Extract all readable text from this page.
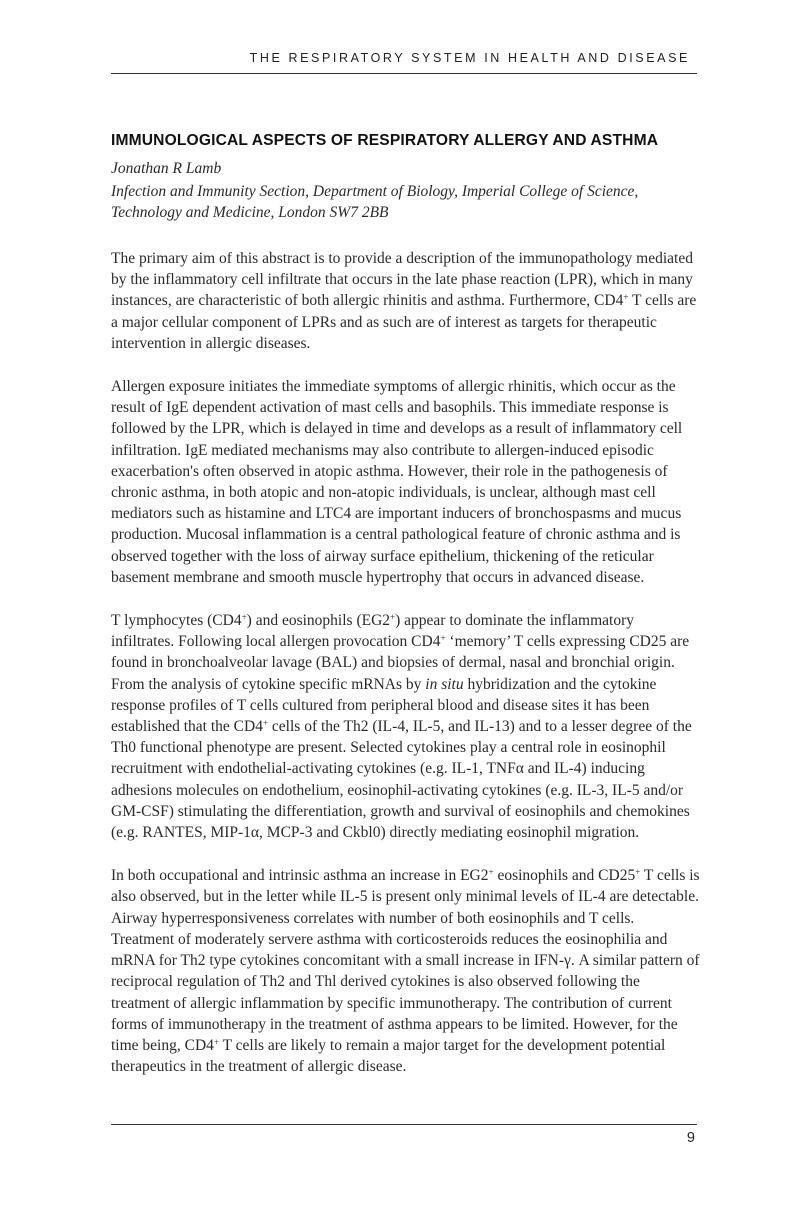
THE RESPIRATORY SYSTEM IN HEALTH AND DISEASE
IMMUNOLOGICAL ASPECTS OF RESPIRATORY ALLERGY AND ASTHMA

Jonathan R Lamb

Infection and Immunity Section, Department of Biology, Imperial College of Science, Technology and Medicine, London SW7 2BB

The primary aim of this abstract is to provide a description of the immunopathology mediated by the inflammatory cell infiltrate that occurs in the late phase reaction (LPR), which in many instances, are characteristic of both allergic rhinitis and asthma. Furthermore, CD4+ T cells are a major cellular component of LPRs and as such are of interest as targets for therapeutic intervention in allergic diseases.

Allergen exposure initiates the immediate symptoms of allergic rhinitis, which occur as the result of IgE dependent activation of mast cells and basophils. This immediate response is followed by the LPR, which is delayed in time and develops as a result of inflammatory cell infiltration. IgE mediated mechanisms may also contribute to allergen-induced episodic exacerbation's often observed in atopic asthma. However, their role in the pathogenesis of chronic asthma, in both atopic and non-atopic individuals, is unclear, although mast cell mediators such as histamine and LTC4 are important inducers of bronchospasms and mucus production. Mucosal inflammation is a central pathological feature of chronic asthma and is observed together with the loss of airway surface epithelium, thickening of the reticular basement membrane and smooth muscle hypertrophy that occurs in advanced disease.

T lymphocytes (CD4+) and eosinophils (EG2+) appear to dominate the inflammatory infiltrates. Following local allergen provocation CD4+ ‘memory’ T cells expressing CD25 are found in bronchoalveolar lavage (BAL) and biopsies of dermal, nasal and bronchial origin. From the analysis of cytokine specific mRNAs by in situ hybridization and the cytokine response profiles of T cells cultured from peripheral blood and disease sites it has been established that the CD4+ cells of the Th2 (IL-4, IL-5, and IL-13) and to a lesser degree of the Th0 functional phenotype are present. Selected cytokines play a central role in eosinophil recruitment with endothelial-activating cytokines (e.g. IL-1, TNFα and IL-4) inducing adhesions molecules on endothelium, eosinophil-activating cytokines (e.g. IL-3, IL-5 and/or GM-CSF) stimulating the differentiation, growth and survival of eosinophils and chemokines (e.g. RANTES, MIP-1α, MCP-3 and Ckbl0) directly mediating eosinophil migration.

In both occupational and intrinsic asthma an increase in EG2+ eosinophils and CD25+ T cells is also observed, but in the letter while IL-5 is present only minimal levels of IL-4 are detectable. Airway hyperresponsiveness correlates with number of both eosinophils and T cells. Treatment of moderately servere asthma with corticosteroids reduces the eosinophilia and mRNA for Th2 type cytokines concomitant with a small increase in IFN-γ. A similar pattern of reciprocal regulation of Th2 and Thl derived cytokines is also observed following the treatment of allergic inflammation by specific immunotherapy. The contribution of current forms of immunotherapy in the treatment of asthma appears to be limited. However, for the time being, CD4+ T cells are likely to remain a major target for the development potential therapeutics in the treatment of allergic disease.

9
